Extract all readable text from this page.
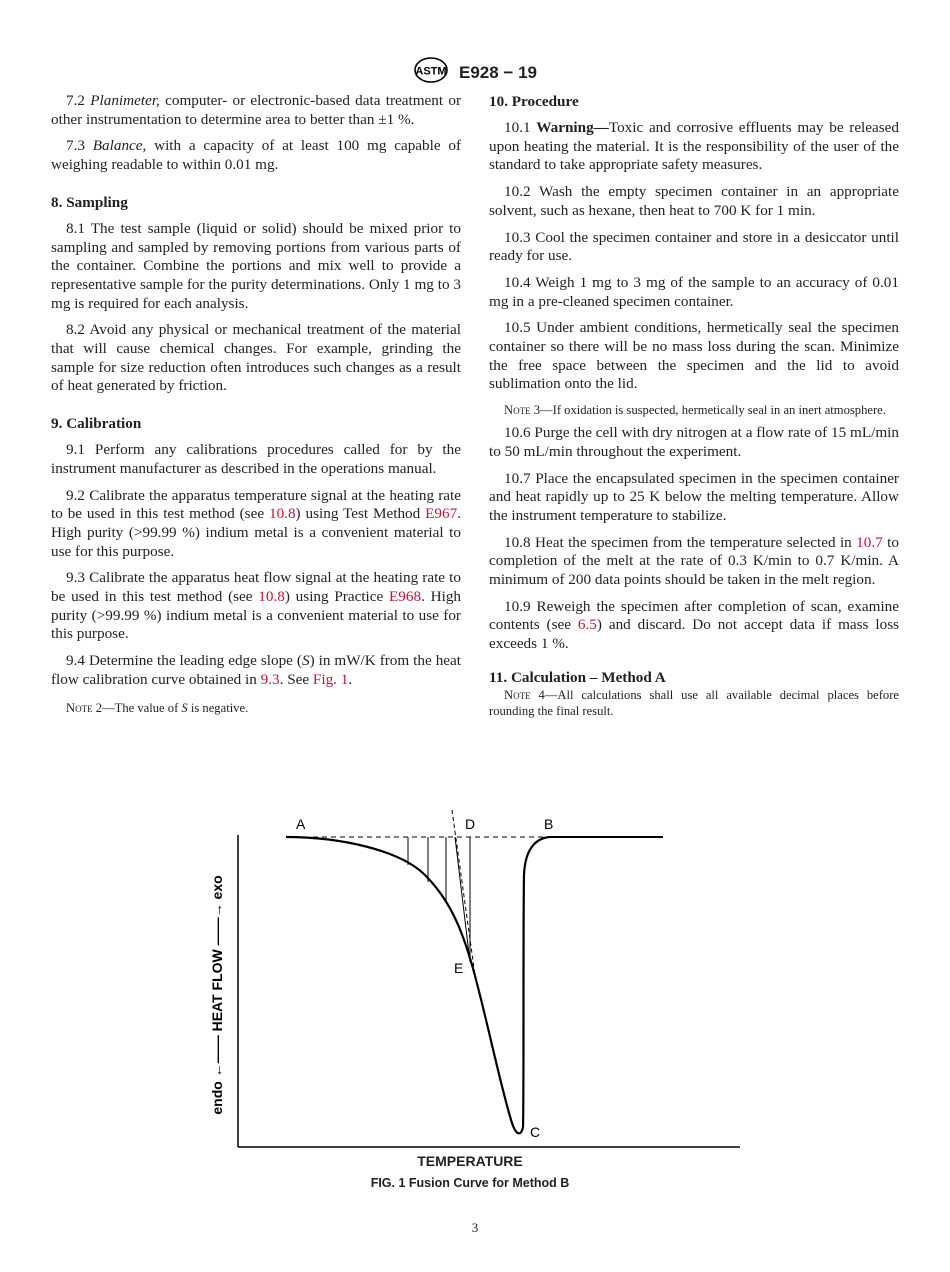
ASTM E928 − 19

7.2 Planimeter, computer- or electronic-based data treatment or other instrumentation to determine area to better than ±1 %.

7.3 Balance, with a capacity of at least 100 mg capable of weighing readable to within 0.01 mg.

8. Sampling

8.1 The test sample (liquid or solid) should be mixed prior to sampling and sampled by removing portions from various parts of the container. Combine the portions and mix well to provide a representative sample for the purity determinations. Only 1 mg to 3 mg is required for each analysis.

8.2 Avoid any physical or mechanical treatment of the material that will cause chemical changes. For example, grinding the sample for size reduction often introduces such changes as a result of heat generated by friction.

9. Calibration

9.1 Perform any calibrations procedures called for by the instrument manufacturer as described in the operations manual.

9.2 Calibrate the apparatus temperature signal at the heating rate to be used in this test method (see 10.8) using Test Method E967. High purity (>99.99 %) indium metal is a convenient material to use for this purpose.

9.3 Calibrate the apparatus heat flow signal at the heating rate to be used in this test method (see 10.8) using Practice E968. High purity (>99.99 %) indium metal is a convenient material to use for this purpose.

9.4 Determine the leading edge slope (S) in mW/K from the heat flow calibration curve obtained in 9.3. See Fig. 1.

Note 2—The value of S is negative.
10. Procedure

10.1 Warning—Toxic and corrosive effluents may be released upon heating the material. It is the responsibility of the user of the standard to take appropriate safety measures.

10.2 Wash the empty specimen container in an appropriate solvent, such as hexane, then heat to 700 K for 1 min.

10.3 Cool the specimen container and store in a desiccator until ready for use.

10.4 Weigh 1 mg to 3 mg of the sample to an accuracy of 0.01 mg in a pre-cleaned specimen container.

10.5 Under ambient conditions, hermetically seal the specimen container so there will be no mass loss during the scan. Minimize the free space between the specimen and the lid to avoid sublimation onto the lid.

Note 3—If oxidation is suspected, hermetically seal in an inert atmosphere.

10.6 Purge the cell with dry nitrogen at a flow rate of 15 mL/min to 50 mL/min throughout the experiment.

10.7 Place the encapsulated specimen in the specimen container and heat rapidly up to 25 K below the melting temperature. Allow the instrument temperature to stabilize.

10.8 Heat the specimen from the temperature selected in 10.7 to completion of the melt at the rate of 0.3 K/min to 0.7 K/min. A minimum of 200 data points should be taken in the melt region.

10.9 Reweigh the specimen after completion of scan, examine contents (see 6.5) and discard. Do not accept data if mass loss exceeds 1 %.

11. Calculation – Method A
Note 4—All calculations shall use all available decimal places before rounding the final result.
A	D	B
E
C
endo ←—— HEAT FLOW ——→ exo
TEMPERATURE
FIG. 1 Fusion Curve for Method B
3
